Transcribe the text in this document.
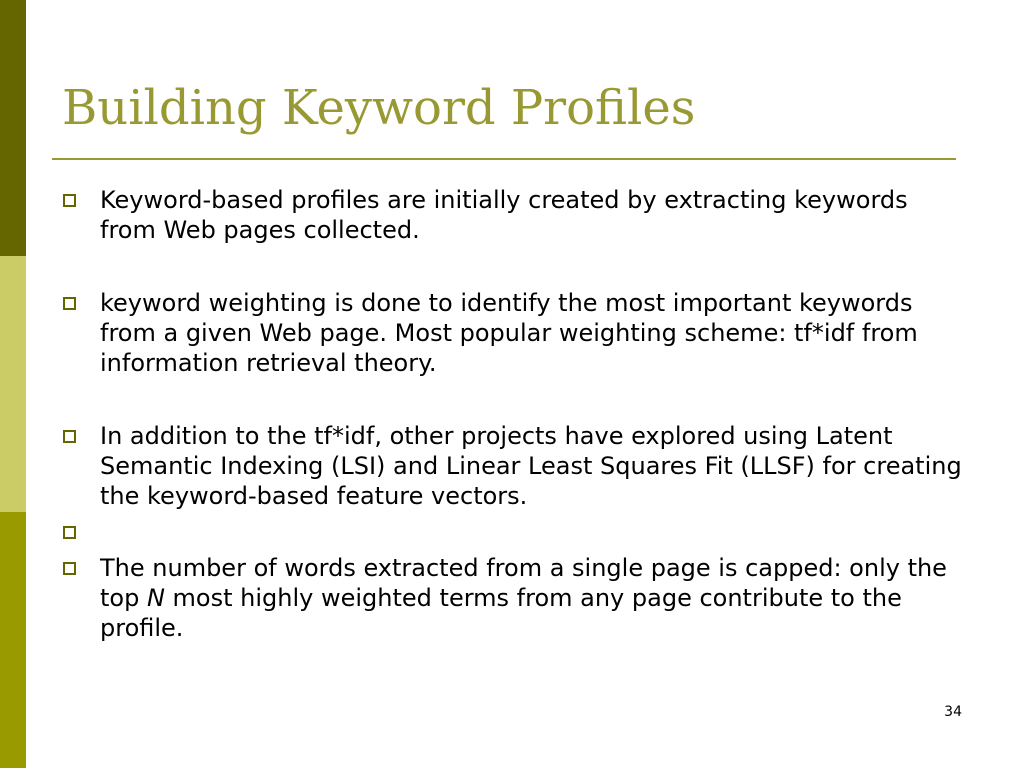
Building Keyword Profiles
Keyword-based profiles are initially created by extracting keywords from Web pages collected.
keyword weighting is done to identify the most important keywords from a given Web page. Most popular weighting scheme: tf*idf from information retrieval theory.
In addition to the tf*idf, other projects have explored using Latent Semantic Indexing (LSI) and Linear Least Squares Fit (LLSF) for creating the keyword-based feature vectors.
The number of words extracted from a single page is capped: only the top N most highly weighted terms from any page contribute to the profile.
34
